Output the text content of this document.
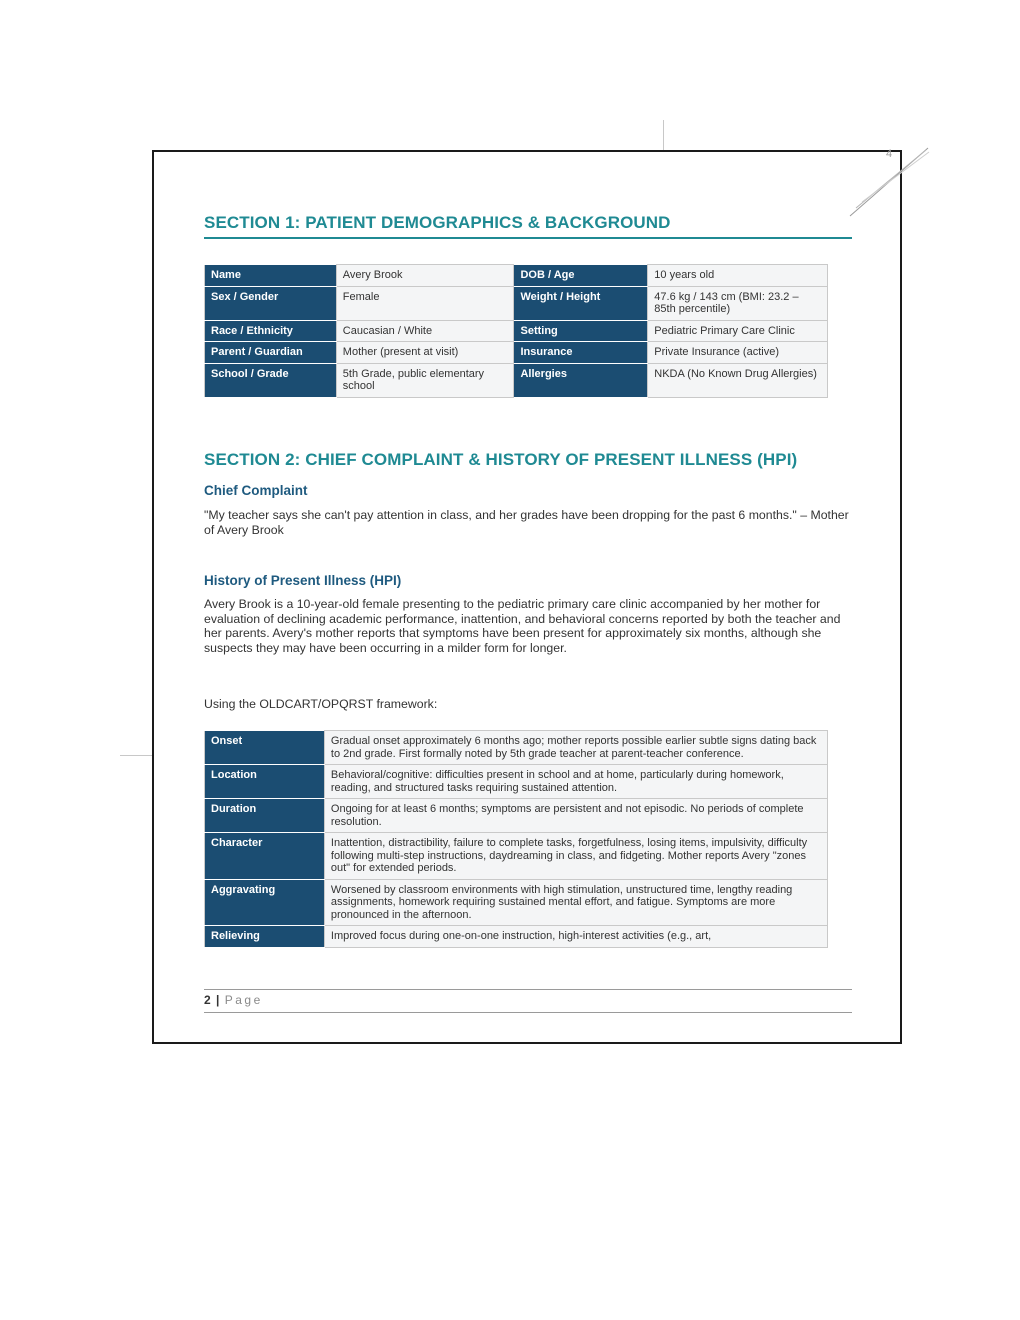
4
SECTION 1: PATIENT DEMOGRAPHICS & BACKGROUND
SECTION 2: CHIEF COMPLAINT & HISTORY OF PRESENT ILLNESS (HPI)
Chief Complaint

"My teacher says she can't pay attention in class, and her grades have been dropping for the past 6 months." – Mother of Avery Brook

History of Present Illness (HPI)

Avery Brook is a 10-year-old female presenting to the pediatric primary care clinic accompanied by her mother for evaluation of declining academic performance, inattention, and behavioral concerns reported by both the teacher and her parents. Avery's mother reports that symptoms have been present for approximately six months, although she suspects they may have been occurring in a milder form for longer.

Using the OLDCART/OPQRST framework:

Name	Avery Brook	DOB / Age	10 years old
Sex / Gender	Female	Weight / Height	47.6 kg / 143 cm (BMI: 23.2 – 85th percentile)
Race / Ethnicity	Caucasian / White	Setting	Pediatric Primary Care Clinic
Parent / Guardian	Mother (present at visit)	Insurance	Private Insurance (active)
School / Grade	5th Grade, public elementary school	Allergies	NKDA (No Known Drug Allergies)
Onset	Gradual onset approximately 6 months ago; mother reports possible earlier subtle signs dating back to 2nd grade. First formally noted by 5th grade teacher at parent-teacher conference.
Location	Behavioral/cognitive: difficulties present in school and at home, particularly during homework, reading, and structured tasks requiring sustained attention.
Duration	Ongoing for at least 6 months; symptoms are persistent and not episodic. No periods of complete resolution.
Character	Inattention, distractibility, failure to complete tasks, forgetfulness, losing items, impulsivity, difficulty following multi-step instructions, daydreaming in class, and fidgeting. Mother reports Avery "zones out" for extended periods.
Aggravating	Worsened by classroom environments with high stimulation, unstructured time, lengthy reading assignments, homework requiring sustained mental effort, and fatigue. Symptoms are more pronounced in the afternoon.
Relieving	Improved focus during one-on-one instruction, high-interest activities (e.g., art,
2 | Page
